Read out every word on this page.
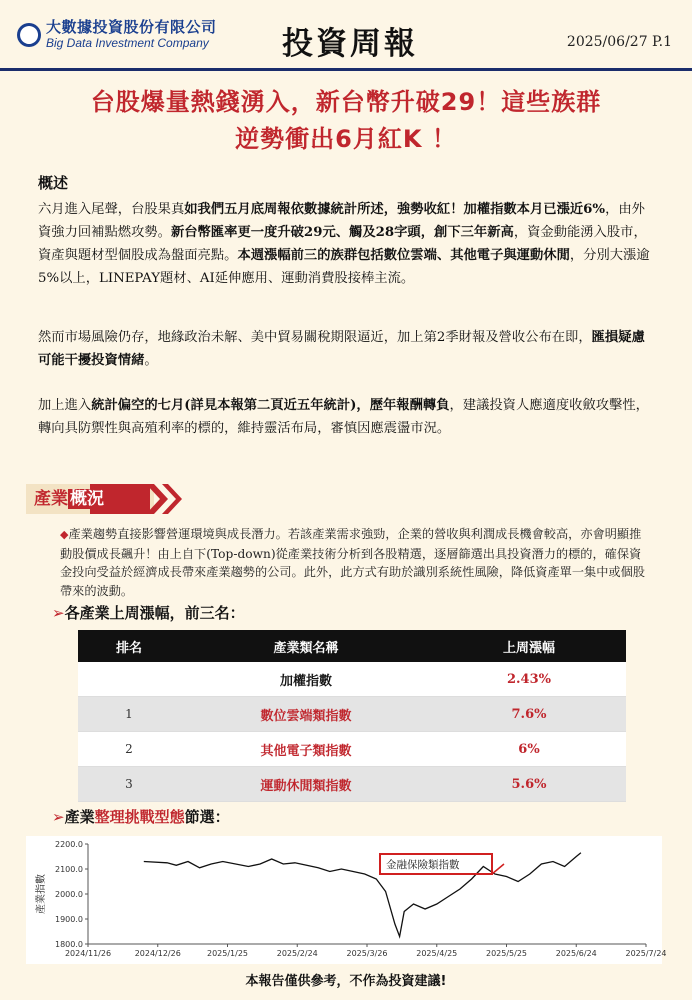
大數據投資股份有限公司
Big Data Investment Company 投資周報	2025/06/27 P.1
台股爆量熱錢湧入，新台幣升破29！這些族群
逆勢衝出6月紅K ！
概述
六月進入尾聲，台股果真如我們五月底周報依數據統計所述，強勢收紅！加權指數本月已漲近6%，由外資強力回補點燃攻勢。新台幣匯率更一度升破29元、觸及28字頭，創下三年新高，資金動能湧入股市，資產與題材型個股成為盤面亮點。本週漲幅前三的族群包括數位雲端、其他電子與運動休閒，分別大漲逾5%以上，LINEPAY題材、AI延伸應用、運動消費股接棒主流。
然而市場風險仍存，地緣政治未解、美中貿易關稅期限逼近，加上第2季財報及營收公布在即，匯損疑慮可能干擾投資情緒。
加上進入統計偏空的七月(詳見本報第二頁近五年統計)，歷年報酬轉負，建議投資人應適度收斂攻擊性，轉向具防禦性與高殖利率的標的，維持靈活布局，審慎因應震盪市況。
產業 概況
◆產業趨勢直接影響營運環境與成長潛力。若該產業需求強勁，企業的營收與利潤成長機會較高，亦會明顯推動股價成長飆升！由上自下(Top-down)從產業技術分析到各股精選，逐層篩選出具投資潛力的標的，確保資金投向受益於經濟成長帶來產業趨勢的公司。此外，此方式有助於識別系統性風險，降低資產單一集中或個股帶來的波動。
➢各產業上周漲幅，前三名：
排名	產業類名稱	上周漲幅
	加權指數	2.43%
1	數位雲端類指數	7.6%
2	其他電子類指數	6%
3	運動休閒類指數	5.6%
➢產業整理挑戰型態節選：
2200.0
2100.0
2000.0
1900.0
1800.0
2024/11/26	2024/12/26	2025/1/25	2025/2/24	2025/3/26	2025/4/25	2025/5/25	2025/6/24	2025/7/24
產業指數
金融保險類指數
本報告僅供參考，不作為投資建議!
